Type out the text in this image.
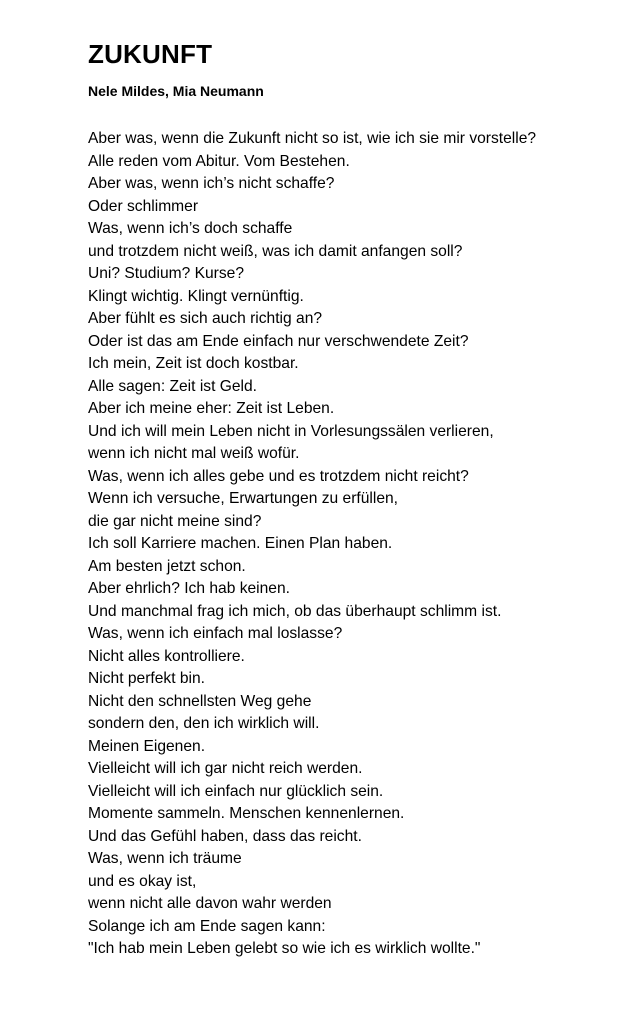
ZUKUNFT
Nele Mildes, Mia Neumann
Aber was, wenn die Zukunft nicht so ist, wie ich sie mir vorstelle?
Alle reden vom Abitur. Vom Bestehen.
Aber was, wenn ich’s nicht schaffe?
Oder schlimmer
Was, wenn ich’s doch schaffe
und trotzdem nicht weiß, was ich damit anfangen soll?
Uni? Studium? Kurse?
Klingt wichtig. Klingt vernünftig.
Aber fühlt es sich auch richtig an?
Oder ist das am Ende einfach nur verschwendete Zeit?
Ich mein, Zeit ist doch kostbar.
Alle sagen: Zeit ist Geld.
Aber ich meine eher: Zeit ist Leben.
Und ich will mein Leben nicht in Vorlesungssälen verlieren,
wenn ich nicht mal weiß wofür.
Was, wenn ich alles gebe und es trotzdem nicht reicht?
Wenn ich versuche, Erwartungen zu erfüllen,
die gar nicht meine sind?
Ich soll Karriere machen. Einen Plan haben.
Am besten jetzt schon.
Aber ehrlich? Ich hab keinen.
Und manchmal frag ich mich, ob das überhaupt schlimm ist.
Was, wenn ich einfach mal loslasse?
Nicht alles kontrolliere.
Nicht perfekt bin.
Nicht den schnellsten Weg gehe
sondern den, den ich wirklich will.
Meinen Eigenen.
Vielleicht will ich gar nicht reich werden.
Vielleicht will ich einfach nur glücklich sein.
Momente sammeln. Menschen kennenlernen.
Und das Gefühl haben, dass das reicht.
Was, wenn ich träume
und es okay ist,
wenn nicht alle davon wahr werden
Solange ich am Ende sagen kann:
"Ich hab mein Leben gelebt so wie ich es wirklich wollte."
